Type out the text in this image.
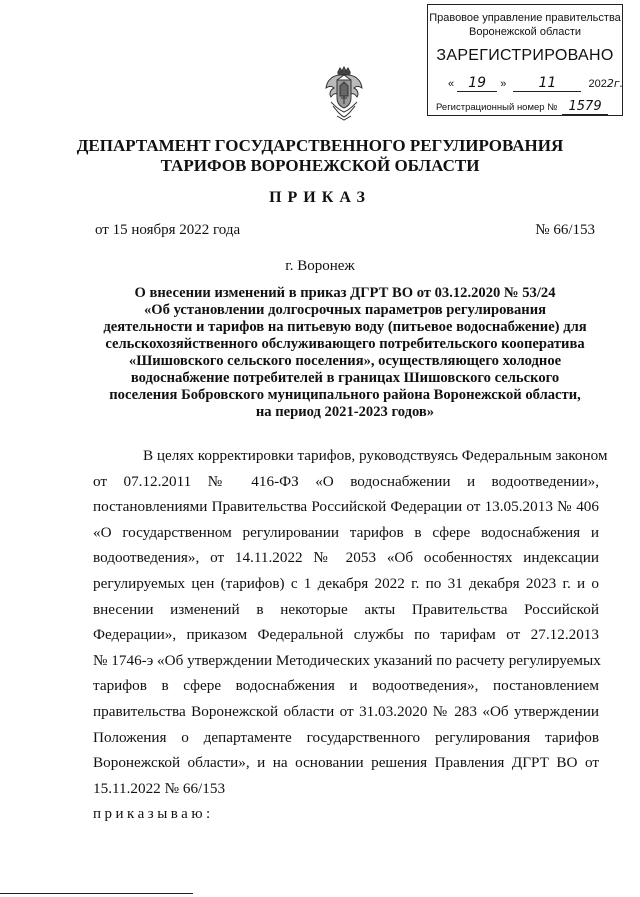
Правовое управление правительства
Воронежской области
ЗАРЕГИСТРИРОВАНО
« 19 » 11	2022г.
Регистрационный номер № 1579
ДЕПАРТАМЕНТ ГОСУДАРСТВЕННОГО РЕГУЛИРОВАНИЯ
ТАРИФОВ ВОРОНЕЖСКОЙ ОБЛАСТИ
ПРИКАЗ
от 15 ноября 2022 года	№ 66/153
г. Воронеж
О внесении изменений в приказ ДГРТ ВО от 03.12.2020 № 53/24
«Об установлении долгосрочных параметров регулирования
деятельности и тарифов на питьевую воду (питьевое водоснабжение) для
сельскохозяйственного обслуживающего потребительского кооператива
«Шишовского сельского поселения», осуществляющего холодное
водоснабжение потребителей в границах Шишовского сельского
поселения Бобровского муниципального района Воронежской области,
на период 2021-2023 годов»
В целях корректировки тарифов, руководствуясь Федеральным законом
от 07.12.2011 № 416-ФЗ «О водоснабжении и водоотведении»,
постановлениями Правительства Российской Федерации от 13.05.2013 № 406
«О государственном регулировании тарифов в сфере водоснабжения и
водоотведения», от 14.11.2022 № 2053 «Об особенностях индексации
регулируемых цен (тарифов) с 1 декабря 2022 г. по 31 декабря 2023 г. и о
внесении изменений в некоторые акты Правительства Российской
Федерации», приказом Федеральной службы по тарифам от 27.12.2013
№ 1746-э «Об утверждении Методических указаний по расчету регулируемых
тарифов в сфере водоснабжения и водоотведения», постановлением
правительства Воронежской области от 31.03.2020 № 283 «Об утверждении
Положения о департаменте государственного регулирования тарифов
Воронежской области», и на основании решения Правления ДГРТ ВО от
15.11.2022 № 66/153
приказываю:
